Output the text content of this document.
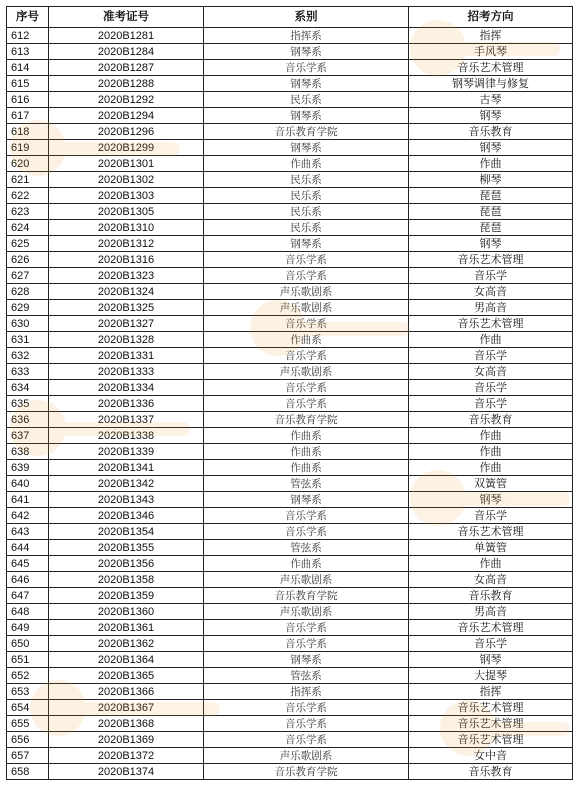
序号	准考证号	系别	招考方向
612	2020B1281	指挥系	指挥
613	2020B1284	钢琴系	手风琴
614	2020B1287	音乐学系	音乐艺术管理
615	2020B1288	钢琴系	钢琴调律与修复
616	2020B1292	民乐系	古琴
617	2020B1294	钢琴系	钢琴
618	2020B1296	音乐教育学院	音乐教育
619	2020B1299	钢琴系	钢琴
620	2020B1301	作曲系	作曲
621	2020B1302	民乐系	柳琴
622	2020B1303	民乐系	琵琶
623	2020B1305	民乐系	琵琶
624	2020B1310	民乐系	琵琶
625	2020B1312	钢琴系	钢琴
626	2020B1316	音乐学系	音乐艺术管理
627	2020B1323	音乐学系	音乐学
628	2020B1324	声乐歌剧系	女高音
629	2020B1325	声乐歌剧系	男高音
630	2020B1327	音乐学系	音乐艺术管理
631	2020B1328	作曲系	作曲
632	2020B1331	音乐学系	音乐学
633	2020B1333	声乐歌剧系	女高音
634	2020B1334	音乐学系	音乐学
635	2020B1336	音乐学系	音乐学
636	2020B1337	音乐教育学院	音乐教育
637	2020B1338	作曲系	作曲
638	2020B1339	作曲系	作曲
639	2020B1341	作曲系	作曲
640	2020B1342	管弦系	双簧管
641	2020B1343	钢琴系	钢琴
642	2020B1346	音乐学系	音乐学
643	2020B1354	音乐学系	音乐艺术管理
644	2020B1355	管弦系	单簧管
645	2020B1356	作曲系	作曲
646	2020B1358	声乐歌剧系	女高音
647	2020B1359	音乐教育学院	音乐教育
648	2020B1360	声乐歌剧系	男高音
649	2020B1361	音乐学系	音乐艺术管理
650	2020B1362	音乐学系	音乐学
651	2020B1364	钢琴系	钢琴
652	2020B1365	管弦系	大提琴
653	2020B1366	指挥系	指挥
654	2020B1367	音乐学系	音乐艺术管理
655	2020B1368	音乐学系	音乐艺术管理
656	2020B1369	音乐学系	音乐艺术管理
657	2020B1372	声乐歌剧系	女中音
658	2020B1374	音乐教育学院	音乐教育
